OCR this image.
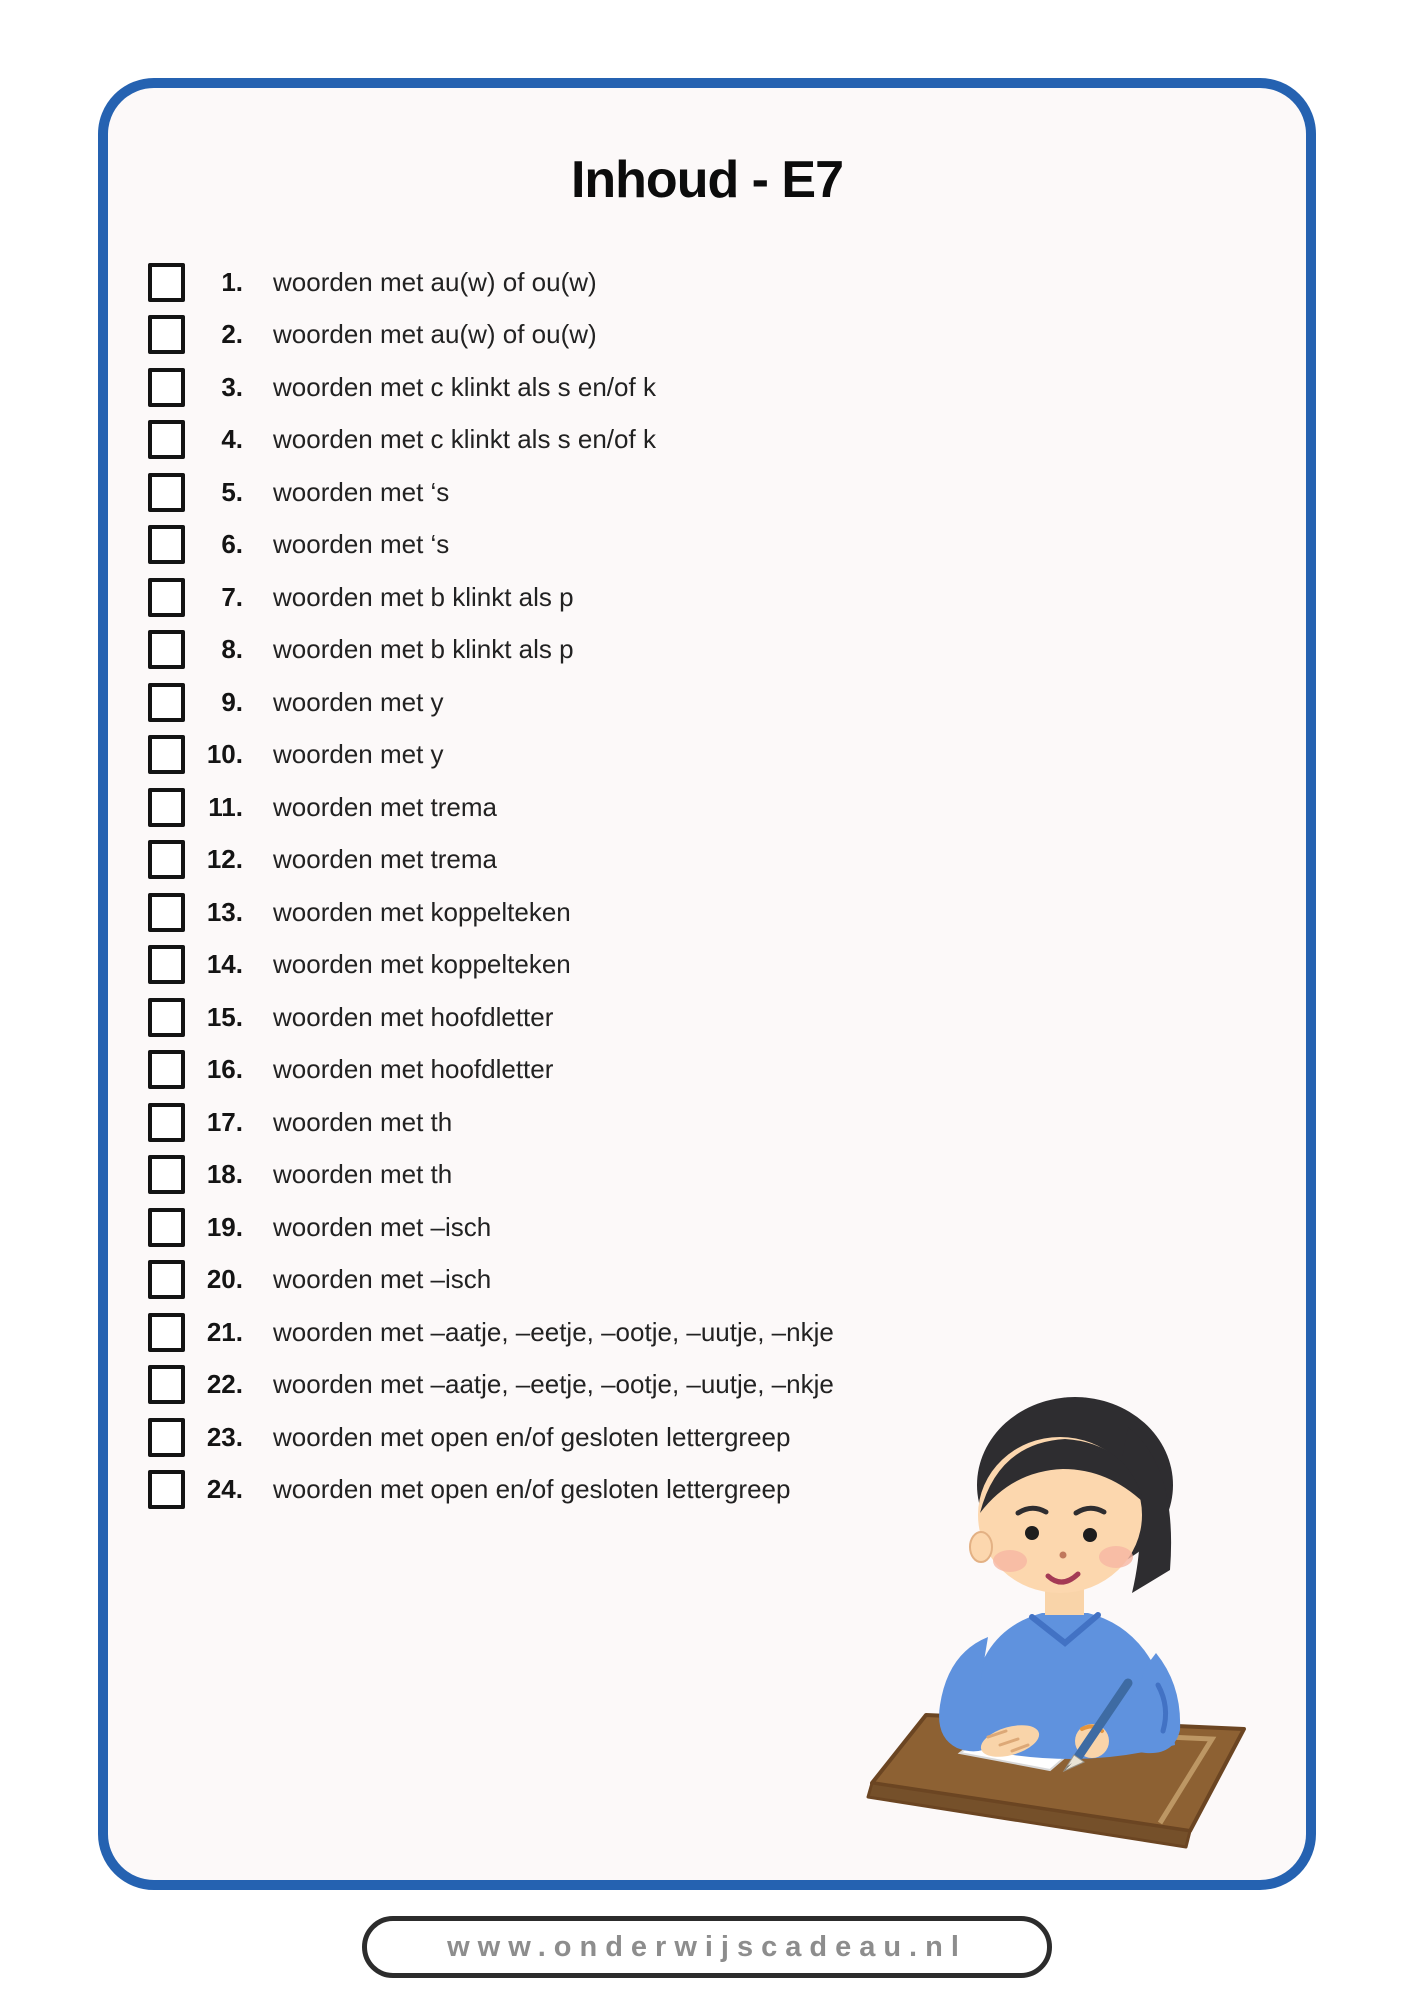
Inhoud - E7
1. woorden met au(w) of ou(w)
2. woorden met au(w) of ou(w)
3. woorden met c klinkt als s en/of k
4. woorden met c klinkt als s en/of k
5. woorden met ‘s
6. woorden met ‘s
7. woorden met b klinkt als p
8. woorden met b klinkt als p
9. woorden met y
10. woorden met y
11. woorden met trema
12. woorden met trema
13. woorden met koppelteken
14. woorden met koppelteken
15. woorden met hoofdletter
16. woorden met hoofdletter
17. woorden met th
18. woorden met th
19. woorden met –isch
20. woorden met –isch
21. woorden met –aatje, –eetje, –ootje, –uutje, –nkje
22. woorden met –aatje, –eetje, –ootje, –uutje, –nkje
23. woorden met open en/of gesloten lettergreep
24. woorden met open en/of gesloten lettergreep
www.onderwijscadeau.nl
